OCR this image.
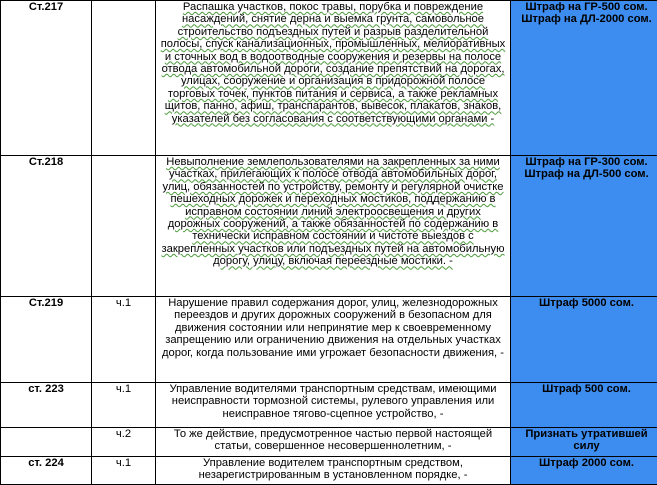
Ст.217		Распашка участков, покос травы, порубка и повреждение насаждений, снятие дерна и выемка грунта, самовольное строительство подъездных путей и разрыв разделительной полосы, спуск канализационных, промышленных, мелиоративных и сточных вод в водоотводные сооружения и резервы на полосе отвода автомобильной дороги, создание препятствий на дорогах, улицах, сооружение и организация в придорожной полосе торговых точек, пунктов питания и сервиса, а также рекламных щитов, панно, афиш, транспарантов, вывесок, плакатов, знаков, указателей без согласования с соответствующими органами -	Штраф на ГР-500 сом.
Штраф на ДЛ-2000 сом.

Ст.218		Невыполнение землепользователями на закрепленных за ними участках, прилегающих к полосе отвода автомобильных дорог, улиц, обязанностей по устройству, ремонту и регулярной очистке пешеходных дорожек и переходных мостиков, поддержанию в исправном состоянии линий электроосвещения и других дорожных сооружений, а также обязанностей по содержанию в технически исправном состоянии и чистоте выездов с закрепленных участков или подъездных путей на автомобильную дорогу, улицу, включая переездные мостики. -	Штраф на ГР-300 сом.
Штраф на ДЛ-500 сом.

Ст.219	ч.1	Нарушение правил содержания дорог, улиц, железнодорожных переездов и других дорожных сооружений в безопасном для движения состоянии или непринятие мер к своевременному запрещению или ограничению движения на отдельных участках дорог, когда пользование ими угрожает безопасности движения, -	Штраф 5000 сом.

ст. 223	ч.1	Управление водителями транспортным средствам, имеющими неисправности тормозной системы, рулевого управления или неисправное тягово-сцепное устройство, -	Штраф 500 сом.

	ч.2	То же действие, предусмотренное частью первой настоящей статьи, совершенное несовершеннолетним, -	Признать утратившей силу

ст. 224	ч.1	Управление водителем транспортным средством, незарегистрированным в установленном порядке, -	Штраф 2000 сом.
